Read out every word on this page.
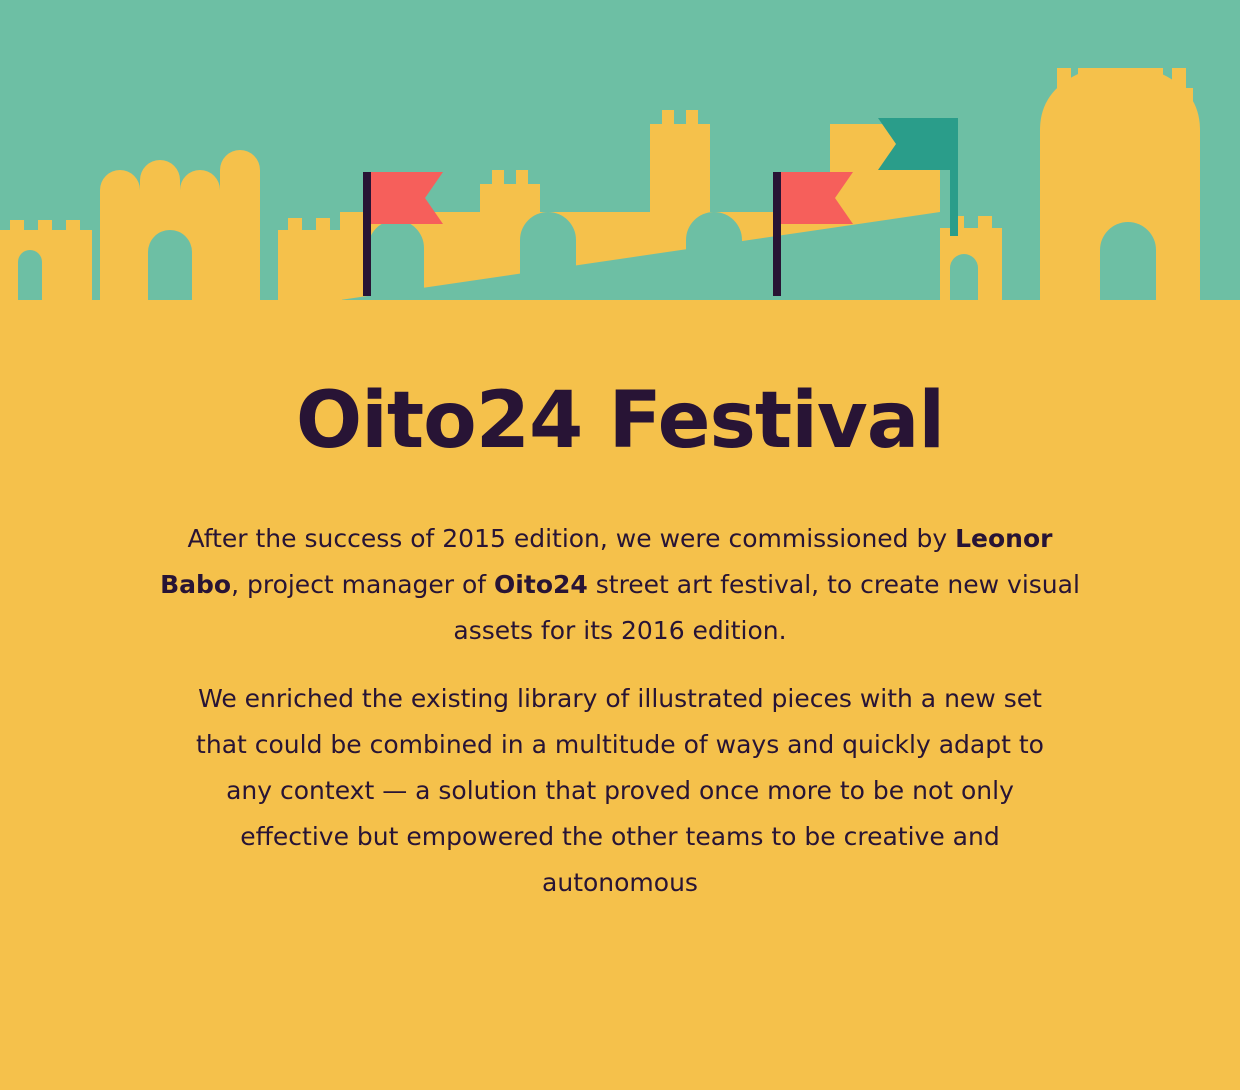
Oito24 Festival

After the success of 2015 edition, we were commissioned by Leonor Babo, project manager of Oito24 street art festival, to create new visual assets for its 2016 edition.

We enriched the existing library of illustrated pieces with a new set that could be combined in a multitude of ways and quickly adapt to any context — a solution that proved once more to be not only effective but empowered the other teams to be creative and autonomous
